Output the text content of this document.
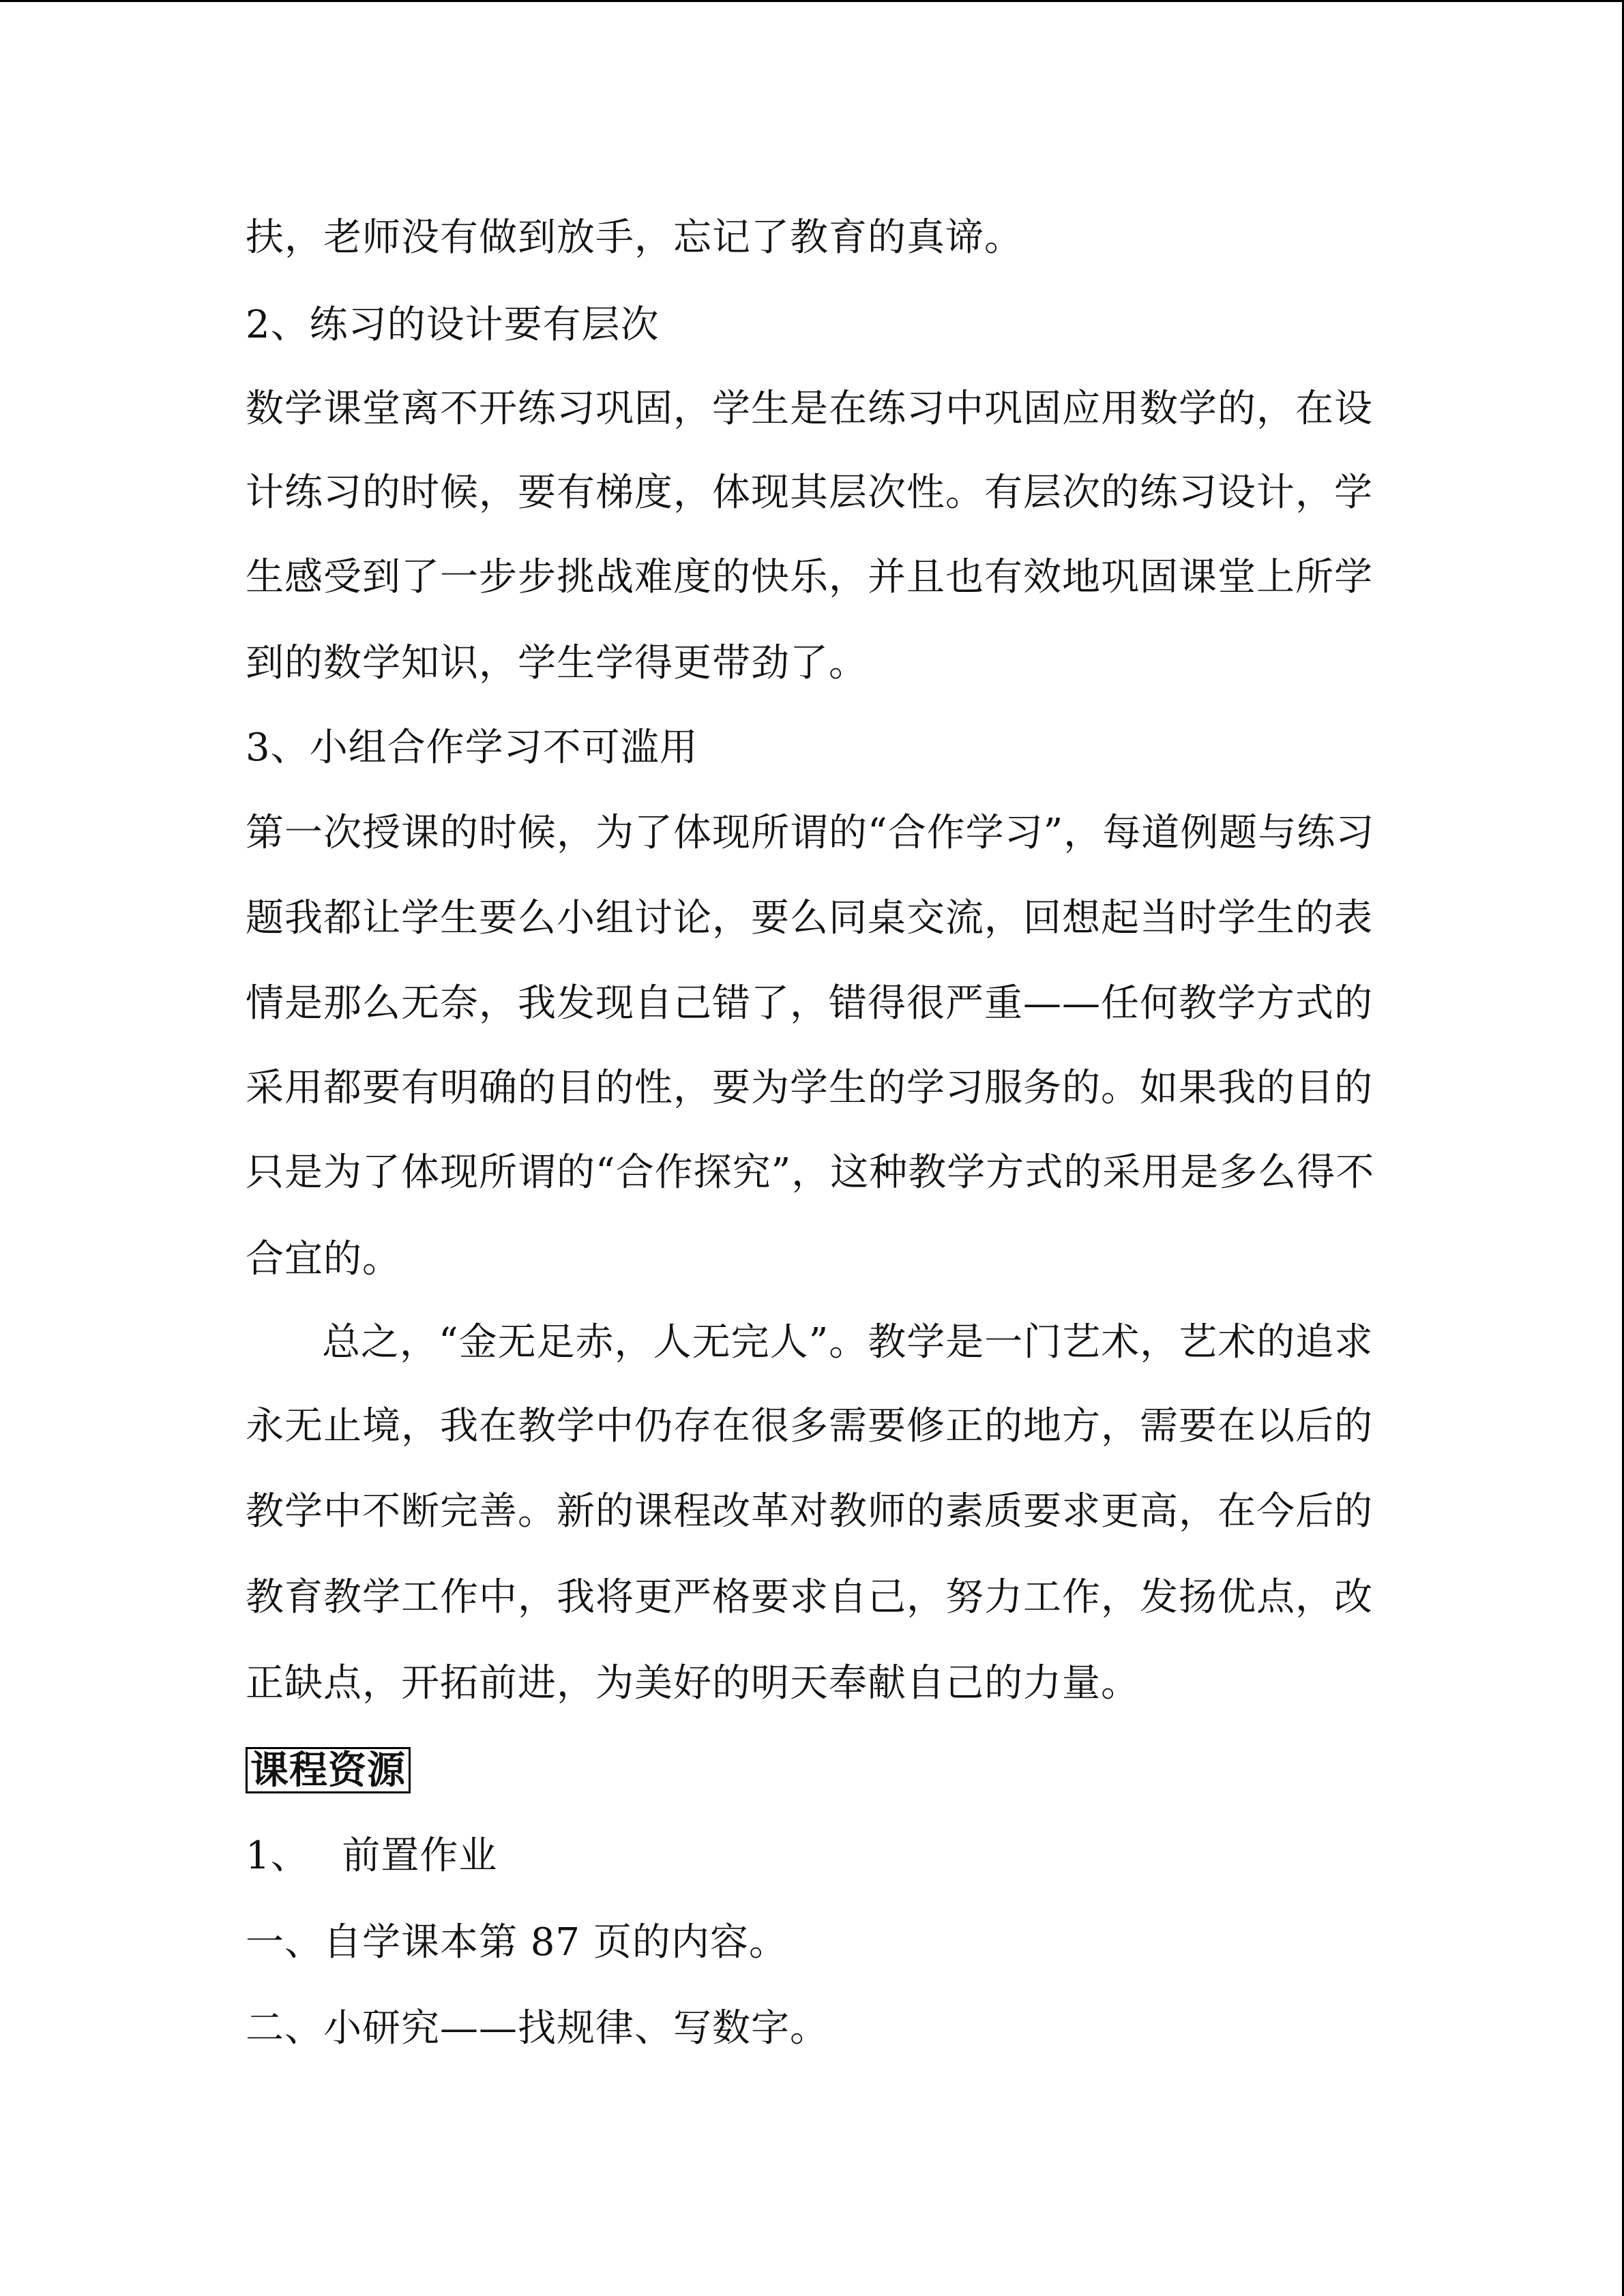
扶，老师没有做到放手，忘记了教育的真谛。
2、练习的设计要有层次
数学课堂离不开练习巩固，学生是在练习中巩固应用数学的，在设
计练习的时候，要有梯度，体现其层次性。有层次的练习设计，学
生感受到了一步步挑战难度的快乐，并且也有效地巩固课堂上所学
到的数学知识，学生学得更带劲了。
3、小组合作学习不可滥用
第一次授课的时候，为了体现所谓的“合作学习”，每道例题与练习
题我都让学生要么小组讨论，要么同桌交流，回想起当时学生的表
情是那么无奈，我发现自己错了，错得很严重——任何教学方式的
采用都要有明确的目的性，要为学生的学习服务的。如果我的目的
只是为了体现所谓的“合作探究”，这种教学方式的采用是多么得不
合宜的。
总之，“金无足赤，人无完人”。教学是一门艺术，艺术的追求
永无止境，我在教学中仍存在很多需要修正的地方，需要在以后的
教学中不断完善。新的课程改革对教师的素质要求更高，在今后的
教育教学工作中，我将更严格要求自己，努力工作，发扬优点，改
正缺点，开拓前进，为美好的明天奉献自己的力量。
课程资源
1、　 前置作业
一、自学课本第 87 页的内容。
二、小研究——找规律、写数字。
